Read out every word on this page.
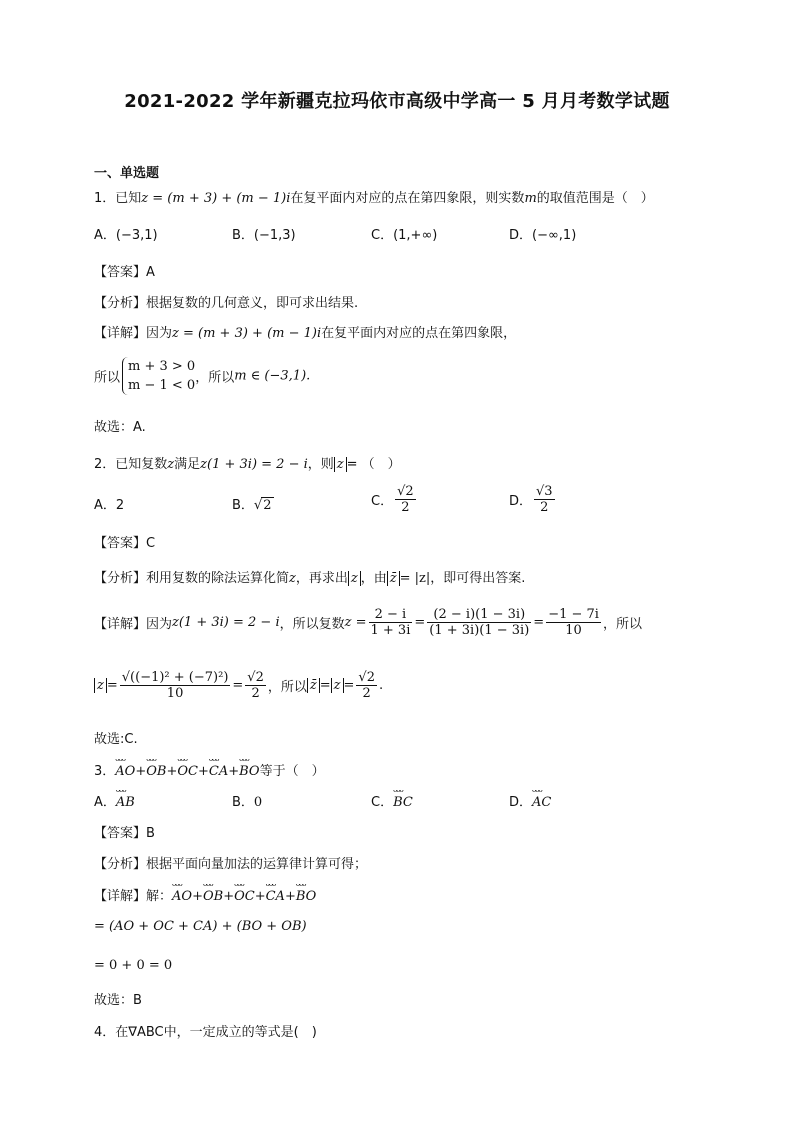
2021-2022 学年新疆克拉玛依市高级中学高一 5 月月考数学试题
一、单选题
1．已知z = (m + 3) + (m − 1)i在复平面内对应的点在第四象限，则实数m的取值范围是（　）
A．(−3,1)	B．(−1,3)	C．(1,+∞)	D．(−∞,1)
【答案】A
【分析】根据复数的几何意义，即可求出结果.
【详解】因为z = (m + 3) + (m − 1)i在复平面内对应的点在第四象限，
所以
m + 3 > 0
m − 1 < 0 ，所以m ∈ (−3,1).
故选：A.
2．已知复数z满足z(1 + 3i) = 2 − i，则 z = （　）
A．2	B．√2	C． $\frac{√2}{2}$	D． $\frac{√3}{2}$
【答案】C
【分析】利用复数的除法运算化简z，再求出 z ，由 z̄ = |z|，即可得出答案.
【详解】因为z(1 + 3i) = 2 − i，所以复数$z = \frac{2 - i}{1 + 3i} = \frac{(2 - i)(1 - 3i)}{(1 + 3i)(1 - 3i)} = \frac{-1 - 7i}{10}$ ，所以
$z = \frac{\text{√((−1)² + (−7)²)}}{10} = \frac{√2}{2}$ ，所以 z̄ = $z = \frac{√2}{2}$ .
故选:C.
3．ᴗᴗᴗ AO+ᴗᴗᴗ OB+ᴗᴗᴗ OC+ᴗᴗᴗ CA+ᴗᴗᴗ BO等于（　）
A．ᴗᴗᴗ AB	B．0	C．ᴗᴗᴗ BC	D．ᴗᴗᴗ AC
【答案】B
【分析】根据平面向量加法的运算律计算可得；
【详解】解：ᴗᴗᴗ AO+ᴗᴗᴗ OB+ᴗᴗᴗ OC+ᴗᴗᴗ CA+ᴗᴗᴗ BO
= (AO + OC + CA) + (BO + OB)
= 0 + 0 = 0
故选：B
4．在∇ABC中，一定成立的等式是(　)
